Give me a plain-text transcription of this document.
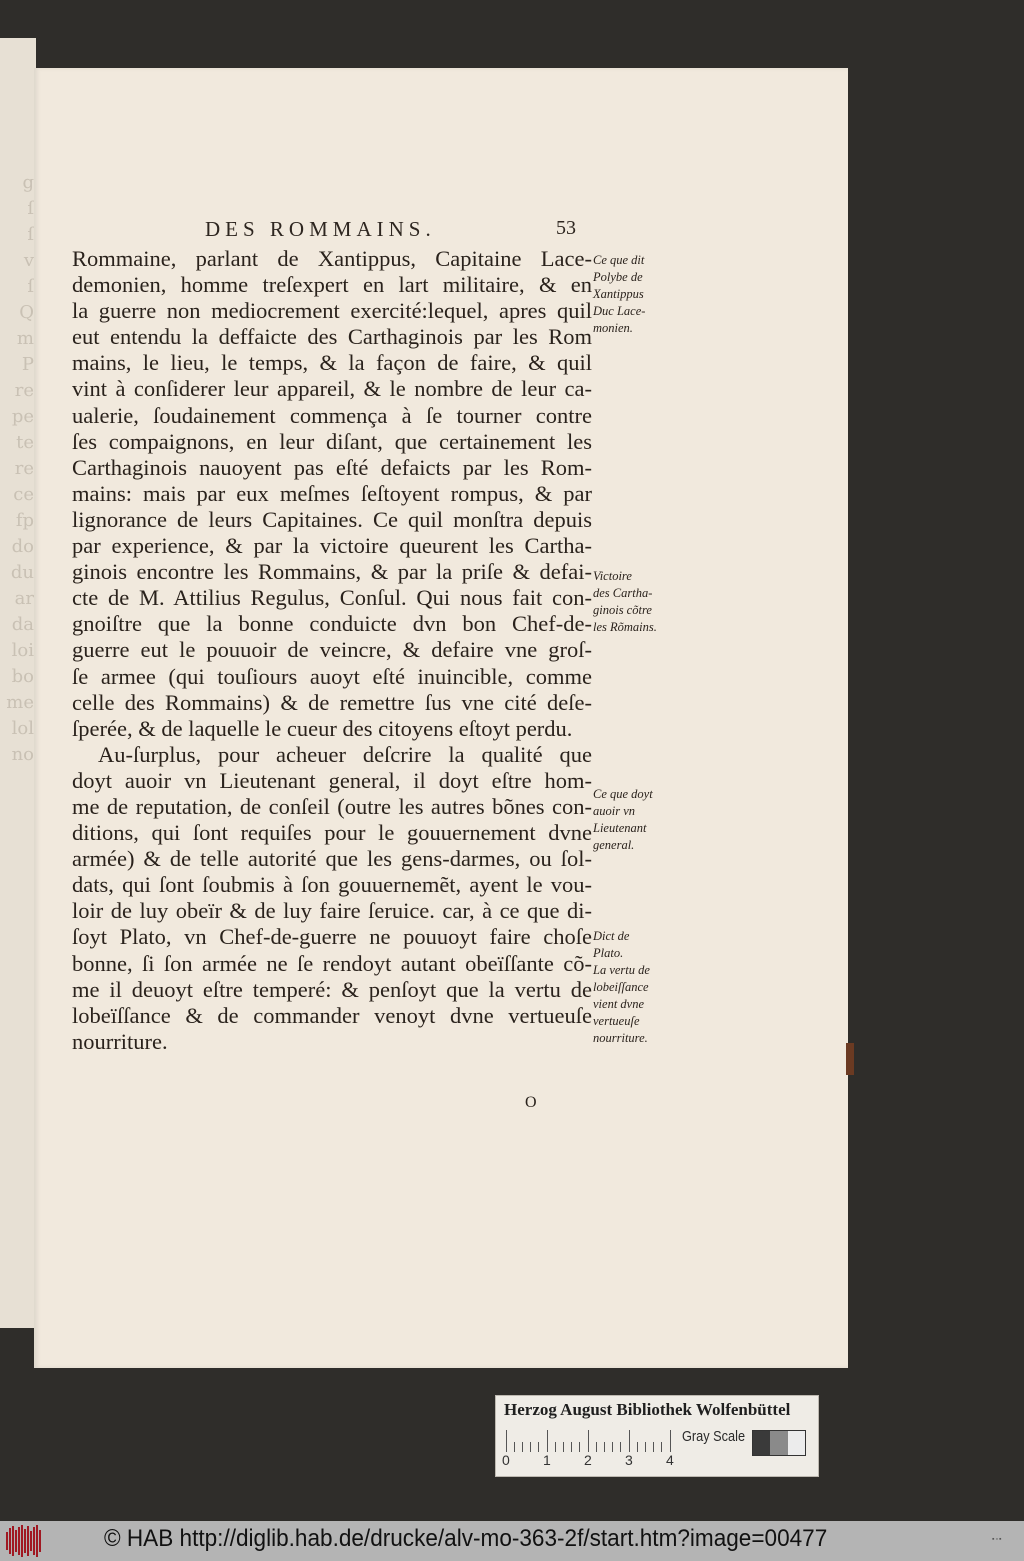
g
ſ
ſ
v
ſ
Q
m
P
re
pe
te
re
ce
fp
do
du
ar
da
loi
bo
me
lol
no
DES ROMMAINS.	53
Rommaine, parlant de Xantippus, Capitaine Lace-
demonien, homme treſexpert en lart militaire, & en
la guerre non mediocrement exercité:lequel, apres quil
eut entendu la deffaicte des Carthaginois par les Rom
mains, le lieu, le temps, & la façon de faire, & quil
vint à conſiderer leur appareil, & le nombre de leur ca-
ualerie, ſoudainement commença à ſe tourner contre
ſes compaignons, en leur diſant, que certainement les
Carthaginois nauoyent pas eſté defaicts par les Rom-
mains: mais par eux meſmes ſeſtoyent rompus, & par
lignorance de leurs Capitaines. Ce quil monſtra depuis
par experience, & par la victoire queurent les Cartha-
ginois encontre les Rommains, & par la priſe & defai-
cte de M. Attilius Regulus, Conſul. Qui nous fait con-
gnoiſtre que la bonne conduicte dvn bon Chef-de-
guerre eut le pouuoir de veincre, & defaire vne groſ-
ſe armee (qui touſiours auoyt eſté inuincible, comme
celle des Rommains) & de remettre ſus vne cité deſe-
ſperée, & de laquelle le cueur des citoyens eſtoyt perdu.
Au-ſurplus, pour acheuer deſcrire la qualité que
doyt auoir vn Lieutenant general, il doyt eſtre hom-
me de reputation, de conſeil (outre les autres bõnes con-
ditions, qui ſont requiſes pour le gouuernement dvne
armée) & de telle autorité que les gens-darmes, ou ſol-
dats, qui ſont ſoubmis à ſon gouuernemẽt, ayent le vou-
loir de luy obeïr & de luy faire ſeruice. car, à ce que di-
ſoyt Plato, vn Chef-de-guerre ne pouuoyt faire choſe
bonne, ſi ſon armée ne ſe rendoyt autant obeïſſante cõ-
me il deuoyt eſtre temperé: & penſoyt que la vertu de
lobeïſſance & de commander venoyt dvne vertueuſe
nourriture.
Ce que dit
Polybe de
Xantippus
Duc Lace-
monien.
Victoire
des Cartha-
ginois cõtre
les Rõmains.
Ce que doyt
auoir vn
Lieutenant
general.
Dict de
Plato.
La vertu de
lobeiſſance
vient dvne
vertueuſe
nourriture.
O
Herzog August Bibliothek Wolfenbüttel
0 1 2 3 4
Gray Scale
© HAB http://diglib.hab.de/drucke/alv-mo-363-2f/start.htm?image=00477	▪▫▪
